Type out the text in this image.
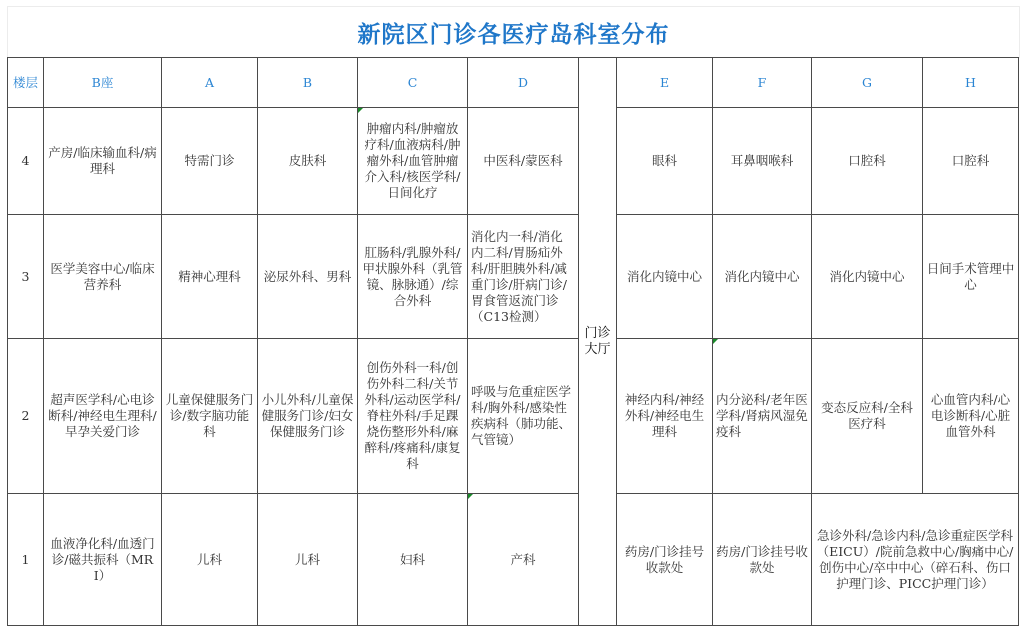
新院区门诊各医疗岛科室分布
楼层	B座	A	B	C	D	门诊大厅	E	F	G	H
4	产房/临床输血科/病理科	特需门诊	皮肤科	肿瘤内科/肿瘤放疗科/血液病科/肿瘤外科/血管肿瘤介入科/核医学科/日间化疗	中医科/蒙医科		眼科	耳鼻咽喉科	口腔科	口腔科
3	医学美容中心/临床营养科	精神心理科	泌尿外科、男科	肛肠科/乳腺外科/甲状腺外科（乳管镜、脉脉通）/综合外科	消化内一科/消化内二科/胃肠疝外科/肝胆胰外科/减重门诊/肝病门诊/胃食管返流门诊（C13检测）		消化内镜中心	消化内镜中心	消化内镜中心	日间手术管理中心
2	超声医学科/心电诊断科/神经电生理科/早孕关爱门诊	儿童保健服务门诊/数字脑功能科	小儿外科/儿童保健服务门诊/妇女保健服务门诊	创伤外科一科/创伤外科二科/关节外科/运动医学科/脊柱外科/手足踝烧伤整形外科/麻醉科/疼痛科/康复科	呼吸与危重症医学科/胸外科/感染性疾病科（肺功能、气管镜）		神经内科/神经外科/神经电生理科	内分泌科/老年医学科/肾病风湿免疫科	变态反应科/全科医疗科	心血管内科/心电诊断科/心脏血管外科
1	血液净化科/血透门诊/磁共振科（MRI）	儿科	儿科	妇科	产科		药房/门诊挂号收款处	药房/门诊挂号收款处	急诊外科/急诊内科/急诊重症医学科（EICU）/院前急救中心/胸痛中心/创伤中心/卒中中心（碎石科、伤口护理门诊、PICC护理门诊）	
